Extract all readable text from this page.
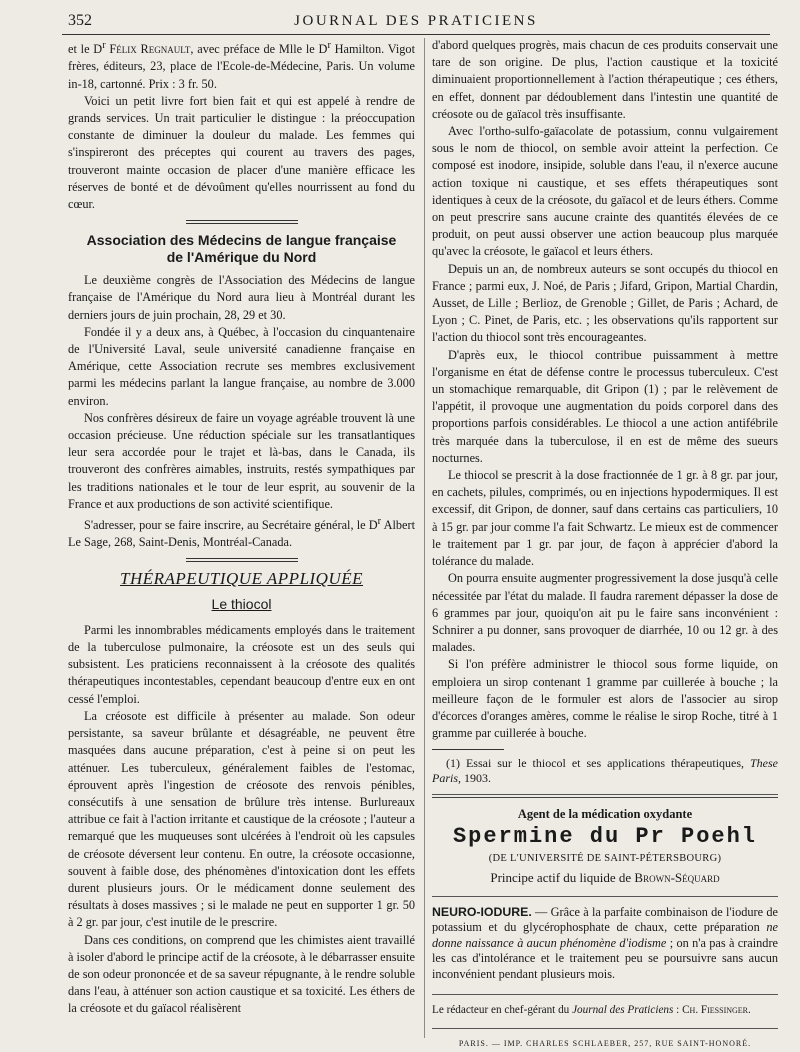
352	JOURNAL DES PRATICIENS

et le $D^r$ Félix Regnault, avec préface de Mlle le $D^r$ Hamilton. Vigot frères, éditeurs, 23, place de l'Ecole-de-Médecine, Paris. Un volume in-18, cartonné. Prix : 3 fr. 50.

Voici un petit livre fort bien fait et qui est appelé à rendre de grands services. Un trait particulier le distingue : la préoccupation constante de diminuer la douleur du malade. Les femmes qui s'inspireront des préceptes qui courent au travers des pages, trouveront mainte occasion de placer d'une manière efficace les réserves de bonté et de dévoûment qu'elles nourrissent au fond du cœur.

Association des Médecins de langue française
de l'Amérique du Nord

Le deuxième congrès de l'Association des Médecins de langue française de l'Amérique du Nord aura lieu à Montréal durant les derniers jours de juin prochain, 28, 29 et 30.

Fondée il y a deux ans, à Québec, à l'occasion du cinquantenaire de l'Université Laval, seule université canadienne française en Amérique, cette Association recrute ses membres exclusivement parmi les médecins parlant la langue française, au nombre de 3.000 environ.

Nos confrères désireux de faire un voyage agréable trouvent là une occasion précieuse. Une réduction spéciale sur les transatlantiques leur sera accordée pour le trajet et là-bas, dans le Canada, ils trouveront des confrères aimables, instruits, restés sympathiques par les traditions nationales et le tour de leur esprit, au souvenir de la France et aux productions de son activité scientifique.

S'adresser, pour se faire inscrire, au Secrétaire général, le $D^r$ Albert Le Sage, 268, Saint-Denis, Montréal-Canada.

THÉRAPEUTIQUE APPLIQUÉE
Le thiocol

Parmi les innombrables médicaments employés dans le traitement de la tuberculose pulmonaire, la créosote est un des seuls qui subsistent. Les praticiens reconnaissent à la créosote des qualités thérapeutiques incontestables, cependant beaucoup d'entre eux en ont cessé l'emploi.

La créosote est difficile à présenter au malade. Son odeur persistante, sa saveur brûlante et désagréable, ne peuvent être masquées dans aucune préparation, c'est à peine si on peut les atténuer. Les tuberculeux, généralement faibles de l'estomac, éprouvent après l'ingestion de créosote des renvois pénibles, consécutifs à une sensation de brûlure très intense. Burlureaux attribue ce fait à l'action irritante et caustique de la créosote ; l'auteur a remarqué que les muqueuses sont ulcérées à l'endroit où les capsules de créosote déversent leur contenu. En outre, la créosote occasionne, souvent à faible dose, des phénomènes d'intoxication dont les effets durent plusieurs jours. Or le médicament donne seulement des résultats à doses massives ; si le malade ne peut en supporter 1 gr. 50 à 2 gr. par jour, c'est inutile de le prescrire.

Dans ces conditions, on comprend que les chimistes aient travaillé à isoler d'abord le principe actif de la créosote, à le débarrasser ensuite de son odeur prononcée et de sa saveur répugnante, à le rendre soluble dans l'eau, à atténuer son action caustique et sa toxicité. Les éthers de la créosote et du gaïacol réalisèrent

d'abord quelques progrès, mais chacun de ces produits conservait une tare de son origine. De plus, l'action caustique et la toxicité diminuaient proportionnellement à l'action thérapeutique ; ces éthers, en effet, donnent par dédoublement dans l'intestin une quantité de créosote ou de gaïacol très insuffisante.

Avec l'ortho-sulfo-gaïacolate de potassium, connu vulgairement sous le nom de thiocol, on semble avoir atteint la perfection. Ce composé est inodore, insipide, soluble dans l'eau, il n'exerce aucune action toxique ni caustique, et ses effets thérapeutiques sont identiques à ceux de la créosote, du gaïacol et de leurs éthers. Comme on peut prescrire sans aucune crainte des quantités élevées de ce produit, on peut aussi observer une action beaucoup plus marquée qu'avec la créosote, le gaïacol et leurs éthers.

Depuis un an, de nombreux auteurs se sont occupés du thiocol en France ; parmi eux, J. Noé, de Paris ; Jifard, Gripon, Martial Chardin, Ausset, de Lille ; Berlioz, de Grenoble ; Gillet, de Paris ; Achard, de Lyon ; C. Pinet, de Paris, etc. ; les observations qu'ils rapportent sur l'action du thiocol sont très encourageantes.

D'après eux, le thiocol contribue puissamment à mettre l'organisme en état de défense contre le processus tuberculeux. C'est un stomachique remarquable, dit Gripon (1) ; par le relèvement de l'appétit, il provoque une augmentation du poids corporel dans des proportions parfois considérables. Le thiocol a une action antifébrile très marquée dans la tuberculose, il en est de même des sueurs nocturnes.

Le thiocol se prescrit à la dose fractionnée de 1 gr. à 8 gr. par jour, en cachets, pilules, comprimés, ou en injections hypodermiques. Il est excessif, dit Gripon, de donner, sauf dans certains cas particuliers, 10 à 15 gr. par jour comme l'a fait Schwartz. Le mieux est de commencer le traitement par 1 gr. par jour, de façon à apprécier d'abord la tolérance du malade.

On pourra ensuite augmenter progressivement la dose jusqu'à celle nécessitée par l'état du malade. Il faudra rarement dépasser la dose de 6 grammes par jour, quoiqu'on ait pu le faire sans inconvénient : Schnirer a pu donner, sans provoquer de diarrhée, 10 ou 12 gr. à des malades.

Si l'on préfère administrer le thiocol sous forme liquide, on emploiera un sirop contenant 1 gramme par cuillerée à bouche ; la meilleure façon de le formuler est alors de l'associer au sirop d'écorces d'oranges amères, comme le réalise le sirop Roche, titré à 1 gramme par cuillerée à bouche.

(1) Essai sur le thiocol et ses applications thérapeutiques, These Paris, 1903.

Agent de la médication oxydante
Spermine du Pr Poehl
(DE L'UNIVERSITÉ DE SAINT-PÉTERSBOURG)
Principe actif du liquide de Brown-Séquard
NEURO-IODURE. — Grâce à la parfaite combinaison de l'iodure de potassium et du glycérophosphate de chaux, cette préparation ne donne naissance à aucun phénomène d'iodisme ; on n'a pas à craindre les cas d'intolérance et le traitement peu se poursuivre sans aucun inconvénient pendant plusieurs mois.
Le rédacteur en chef-gérant du Journal des Praticiens : Ch. Fiessinger.
PARIS. — IMP. CHARLES SCHLAEBER, 257, RUE SAINT-HONORÉ.
